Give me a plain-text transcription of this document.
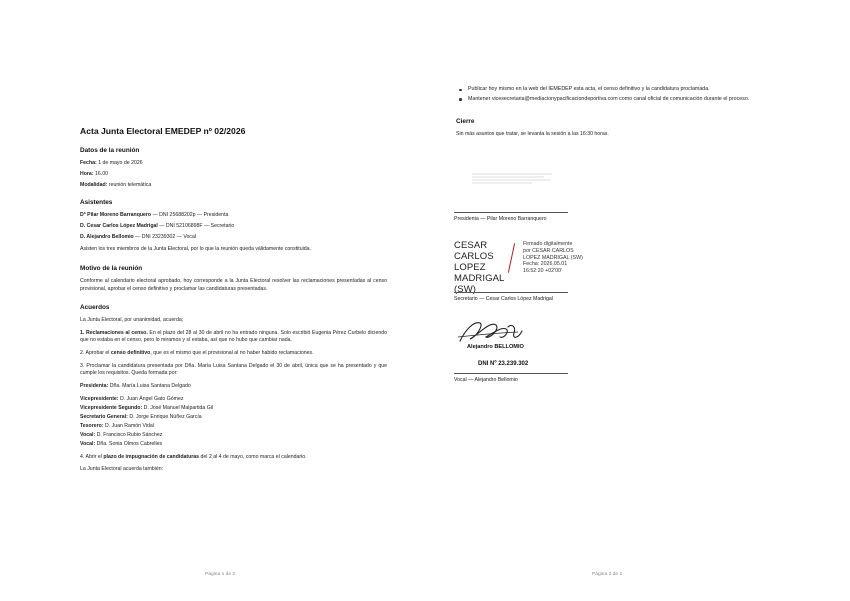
Acta Junta Electoral EMEDEP nº 02/2026
Datos de la reunión
Fecha: 1 de mayo de 2026
Hora: 16.00
Modalidad: reunión telemática
Asistentes
Dª Pilar Moreno Barranquero — DNI 25688202p — Presidenta
D. Cesar Carlos López Madrigal — DNI 52106898F — Secretario
D. Alejandro Bellomio — DNI 23239302 — Vocal
Asisten los tres miembros de la Junta Electoral, por lo que la reunión queda válidamente constituida.
Motivo de la reunión
Conforme al calendario electoral aprobado, hoy corresponde a la Junta Electoral resolver las reclamaciones presentadas al censo provisional, aprobar el censo definitivo y proclamar las candidaturas presentadas.
Acuerdos
La Junta Electoral, por unanimidad, acuerda;
1. Reclamaciones al censo. En el plazo del 28 al 30 de abril no ha entrado ninguna. Solo escribió Eugenia Pérez Curbelo diciendo que no estaba en el censo, pero lo miramos y sí estaba, así que no hubo que cambiar nada.
2. Aprobar el censo definitivo, que es el mismo que el provisional al no haber habido reclamaciones.
3. Proclamar la candidatura presentada por Dña. María Luisa Santana Delgado el 30 de abril, única que se ha presentado y que cumple los requisitos. Queda formada por:
Presidenta: Dña. María Luisa Santana Delgado
Vicepresidente: D. Juan Ángel Gato Gómez
Vicepresidente Segundo: D. José Manuel Malpartida Gil
Secretario General: D. Jorge Enrique Núñez García
Tesorero: D. Juan Ramón Vidal
Vocal: D. Francisco Rubio Sánchez
Vocal: Dña. Sonia Olmos Cabrelles
4. Abrir el plazo de impugnación de candidaturas del 2 al 4 de mayo, como marca el calendario.
La Junta Electoral acuerda también:
Página 1 de 2
Publicar hoy mismo en la web del IEMEDEP esta acta, el censo definitivo y la candidatura proclamada.
Mantener vicesecretaria@mediacionypacificaciondeportiva.com como canal oficial de comunicación durante el proceso.
Cierre
Sin más asuntos que tratar, se levanta la sesión a las 16:30 horas.
Presidenta — Pilar Moreno Barranquero
CESAR CARLOS LOPEZ MADRIGAL (SW)
Firmado digitalmente
por CESAR CARLOS
LOPEZ MADRIGAL (SW)
Fecha: 2026.05.01
16:52:20 +02'00'
Secretario — Cesar Carlos López Madrigal
Alejandro BELLOMIO
DNI Nº 23.239.302
Vocal — Alejandro Bellomio
Página 2 de 2
